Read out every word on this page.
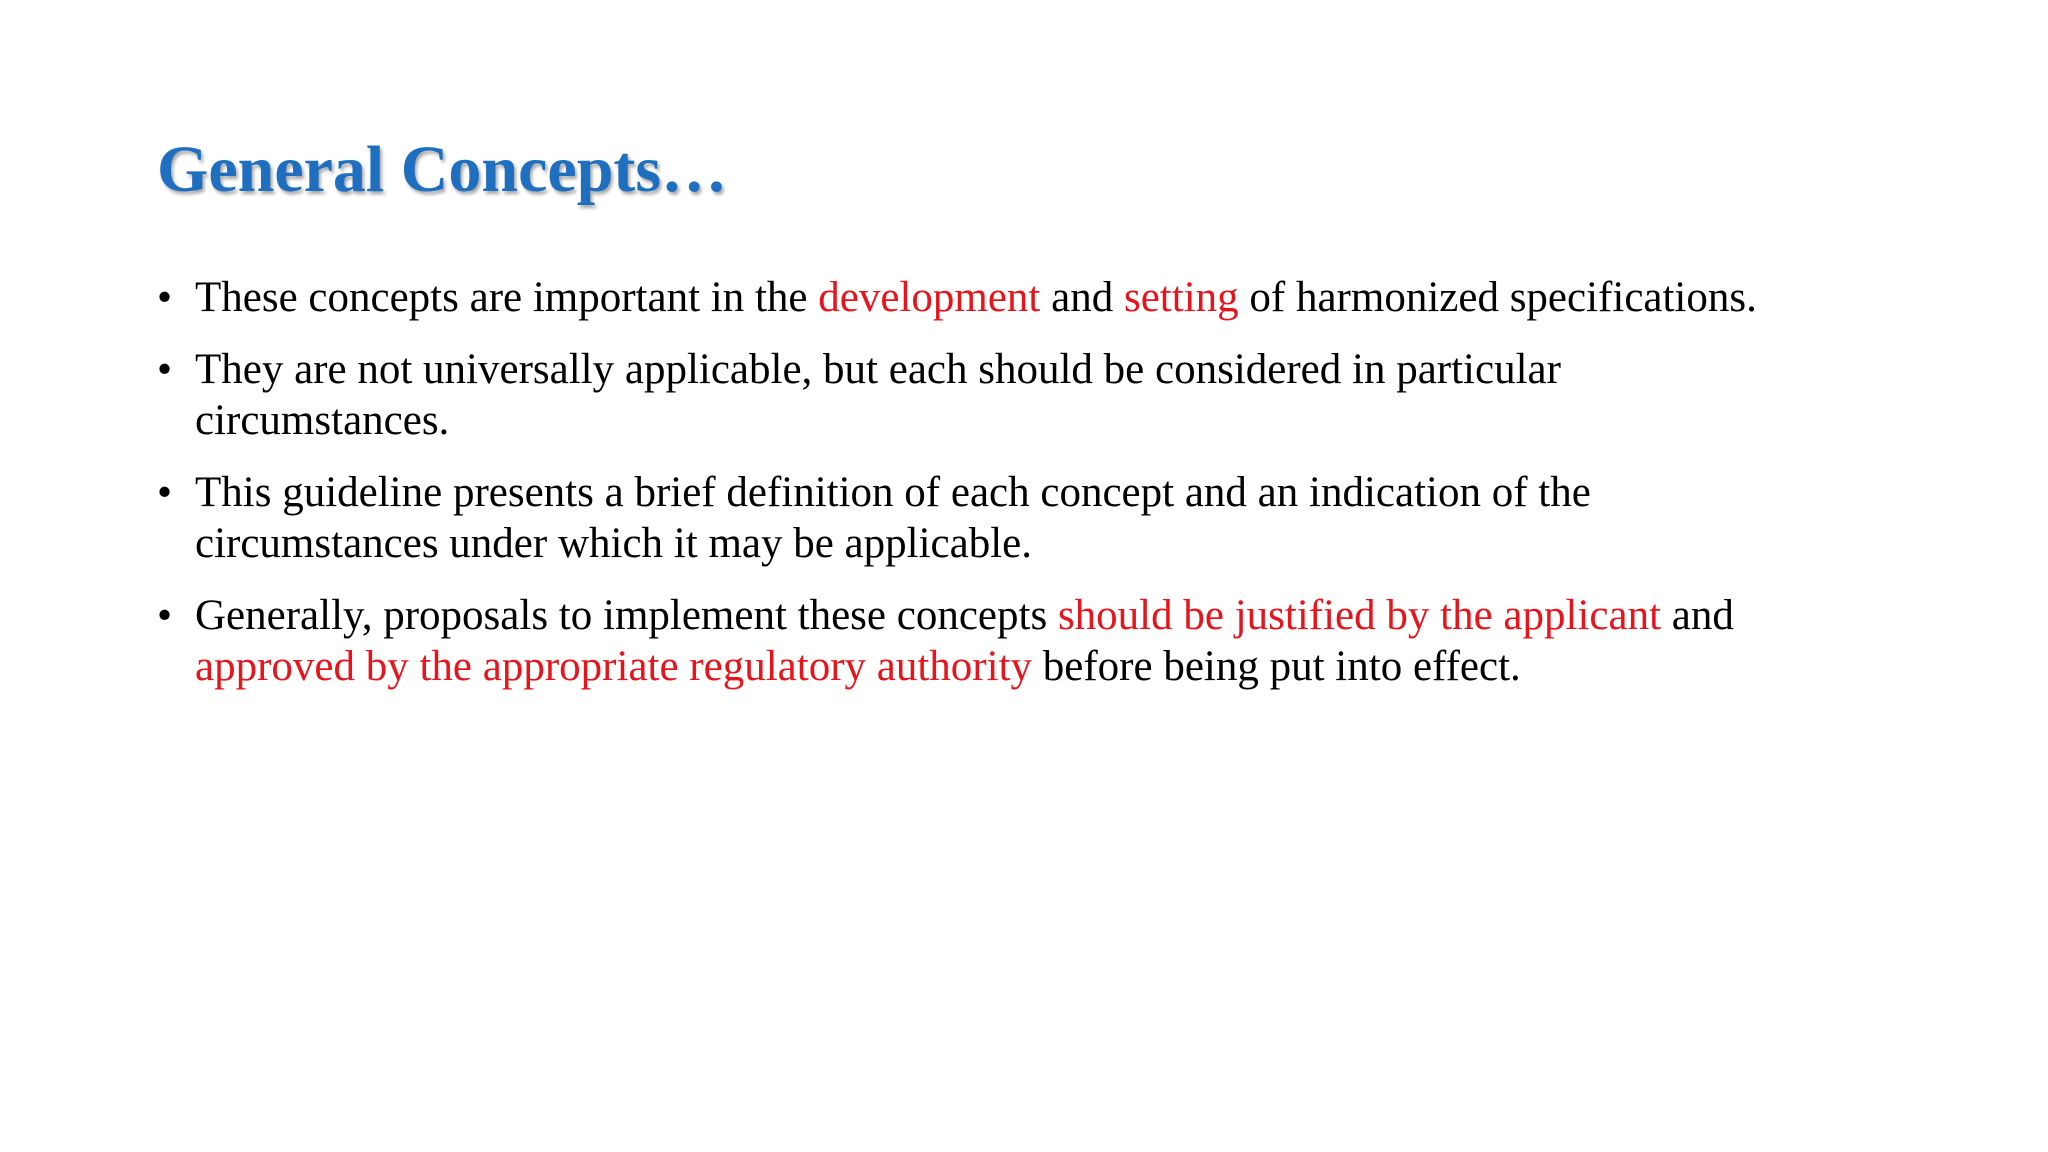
General Concepts…
• These concepts are important in the development and setting of harmonized specifications.
• They are not universally applicable, but each should be considered in particular
circumstances.
• This guideline presents a brief definition of each concept and an indication of the
circumstances under which it may be applicable.
• Generally, proposals to implement these concepts should be justified by the applicant and
approved by the appropriate regulatory authority before being put into effect.
